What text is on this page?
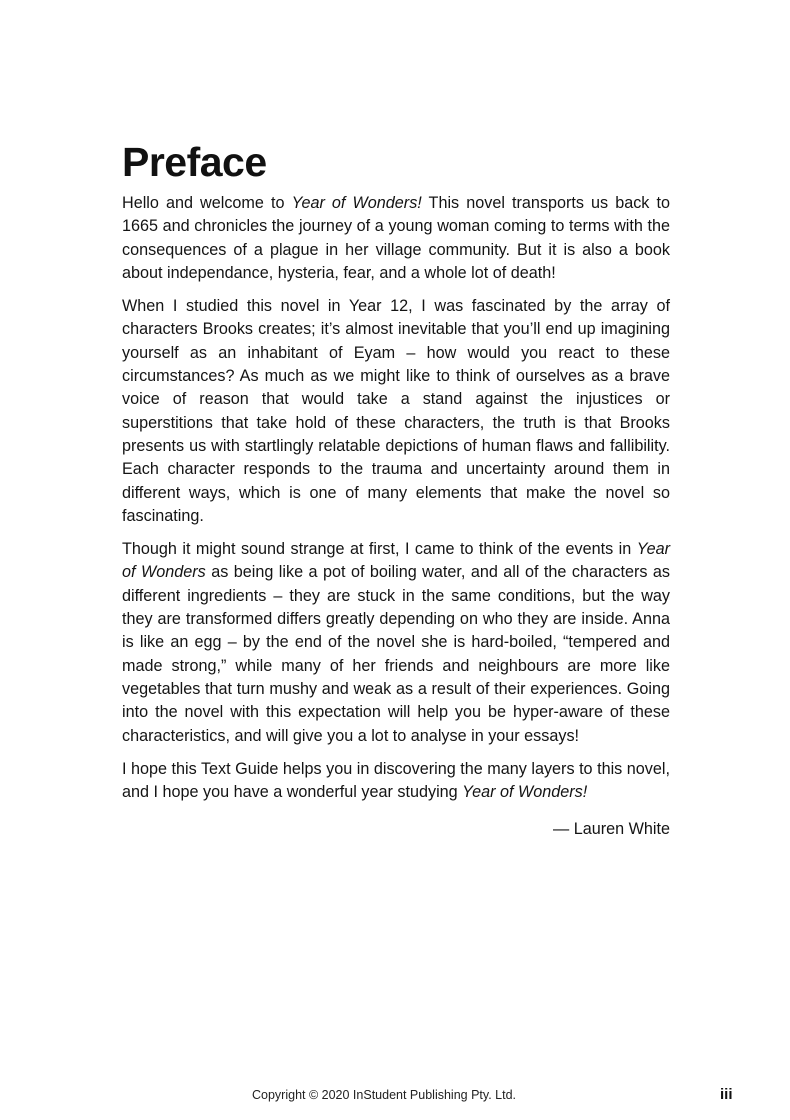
Preface

Hello and welcome to Year of Wonders! This novel transports us back to 1665 and chronicles the journey of a young woman coming to terms with the consequences of a plague in her village community. But it is also a book about independance, hysteria, fear, and a whole lot of death!

When I studied this novel in Year 12, I was fascinated by the array of characters Brooks creates; it’s almost inevitable that you’ll end up imagining yourself as an inhabitant of Eyam – how would you react to these circumstances? As much as we might like to think of ourselves as a brave voice of reason that would take a stand against the injustices or superstitions that take hold of these characters, the truth is that Brooks presents us with startlingly relatable depictions of human flaws and fallibility. Each character responds to the trauma and uncertainty around them in different ways, which is one of many elements that make the novel so fascinating.

Though it might sound strange at first, I came to think of the events in Year of Wonders as being like a pot of boiling water, and all of the characters as different ingredients – they are stuck in the same conditions, but the way they are transformed differs greatly depending on who they are inside. Anna is like an egg – by the end of the novel she is hard-boiled, “tempered and made strong,” while many of her friends and neighbours are more like vegetables that turn mushy and weak as a result of their experiences. Going into the novel with this expectation will help you be hyper-aware of these characteristics, and will give you a lot to analyse in your essays!

I hope this Text Guide helps you in discovering the many layers to this novel, and I hope you have a wonderful year studying Year of Wonders!

— Lauren White

Copyright © 2020 InStudent Publishing Pty. Ltd.	iii
